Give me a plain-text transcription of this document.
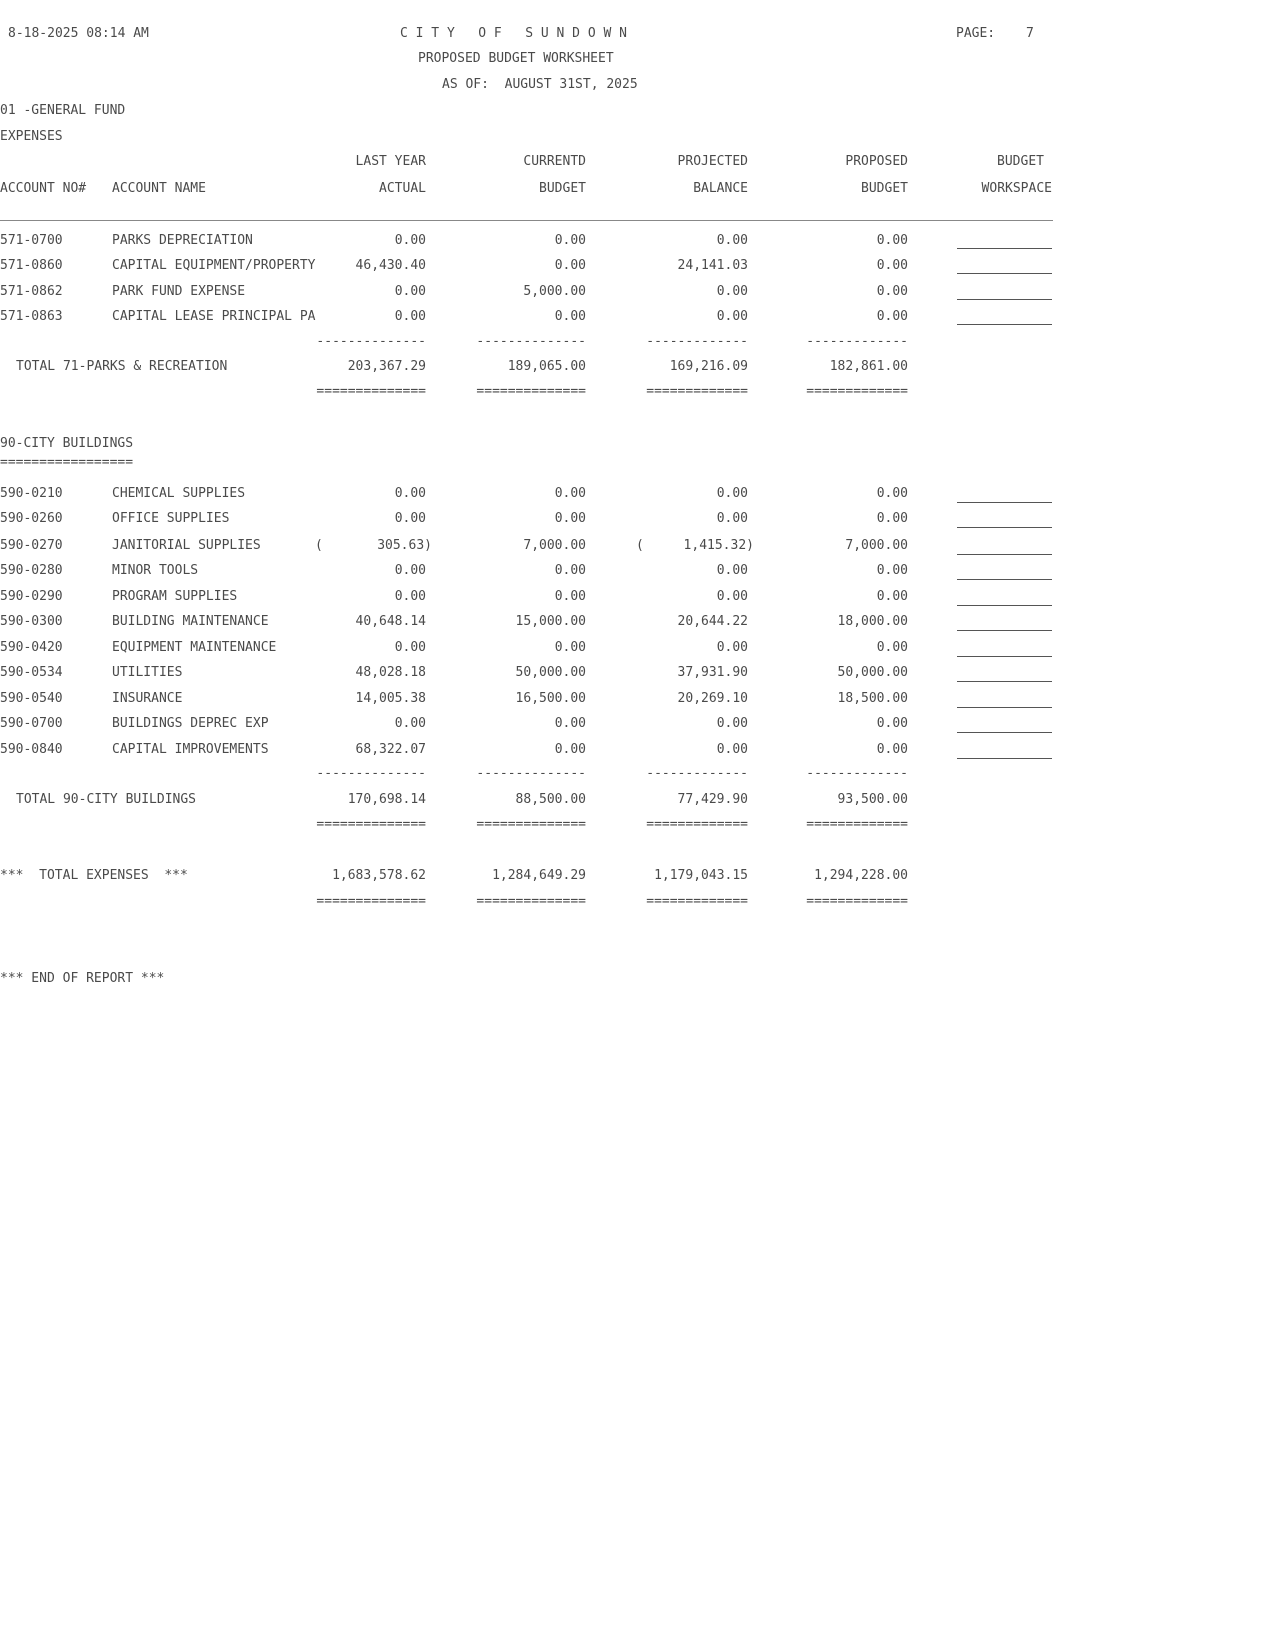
8-18-2025 08:14 AM	C I T Y   O F   S U N D O W N	PAGE: 7
PROPOSED BUDGET WORKSHEET
AS OF:  AUGUST 31ST, 2025
01 -GENERAL FUND
EXPENSES
LAST YEAR	CURRENTD	PROJECTED	PROPOSED	BUDGET
ACCOUNT NO# ACCOUNT NAME	ACTUAL	BUDGET	BALANCE	BUDGET	WORKSPACE
571-0700	PARKS DEPRECIATION	0.00	0.00	0.00	0.00
571-0860	CAPITAL EQUIPMENT/PROPERTY	46,430.40	0.00	24,141.03	0.00
571-0862	PARK FUND EXPENSE	0.00	5,000.00	0.00	0.00
571-0863	CAPITAL LEASE PRINCIPAL PA	0.00	0.00	0.00	0.00
--------------	--------------	-------------	-------------
TOTAL 71-PARKS & RECREATION	203,367.29	189,065.00	169,216.09	182,861.00
==============	==============	=============	=============
90-CITY BUILDINGS
=================
590-0210	CHEMICAL SUPPLIES	0.00	0.00	0.00	0.00
590-0260	OFFICE SUPPLIES	0.00	0.00	0.00	0.00
590-0270	JANITORIAL SUPPLIES	(	305.63)	7,000.00	(	1,415.32)	7,000.00
590-0280	MINOR TOOLS	0.00	0.00	0.00	0.00
590-0290	PROGRAM SUPPLIES	0.00	0.00	0.00	0.00
590-0300	BUILDING MAINTENANCE	40,648.14	15,000.00	20,644.22	18,000.00
590-0420	EQUIPMENT MAINTENANCE	0.00	0.00	0.00	0.00
590-0534	UTILITIES	48,028.18	50,000.00	37,931.90	50,000.00
590-0540	INSURANCE	14,005.38	16,500.00	20,269.10	18,500.00
590-0700	BUILDINGS DEPREC EXP	0.00	0.00	0.00	0.00
590-0840	CAPITAL IMPROVEMENTS	68,322.07	0.00	0.00	0.00
--------------	--------------	-------------	-------------
TOTAL 90-CITY BUILDINGS	170,698.14	88,500.00	77,429.90	93,500.00
==============	==============	=============	=============
***  TOTAL EXPENSES  ***	1,683,578.62	1,284,649.29	1,179,043.15	1,294,228.00
==============	==============	=============	=============
*** END OF REPORT ***
